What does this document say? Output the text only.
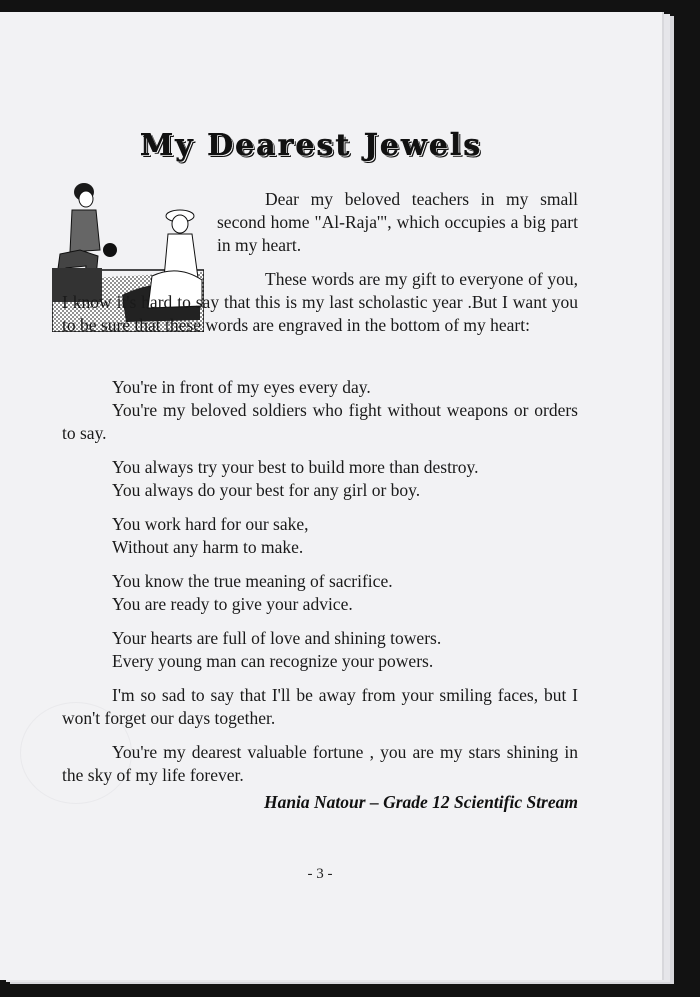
My Dearest Jewels

Dear my beloved teachers in my small second home "Al-Raja'", which occupies a big part in my heart.

These words are my gift to everyone of you, I know it's hard to say that this is my last scholastic year .But I want you to be sure that these words are engraved in the bottom of my heart:

You're in front of my eyes every day.

You're my beloved soldiers who fight without weapons or orders to say.

You always try your best to build more than destroy.

You always do your best for any girl or boy.

You work hard for our sake,

Without any harm to make.

You know the true meaning of sacrifice.

You are ready to give your advice.

Your hearts are full of love and shining towers.

Every young man can recognize your powers.

I'm so sad to say that I'll be away from your smiling faces, but I won't forget our days together.

You're my dearest valuable fortune , you are my stars shining in the sky of my life forever.

Hania Natour – Grade 12 Scientific Stream
- 3 -
